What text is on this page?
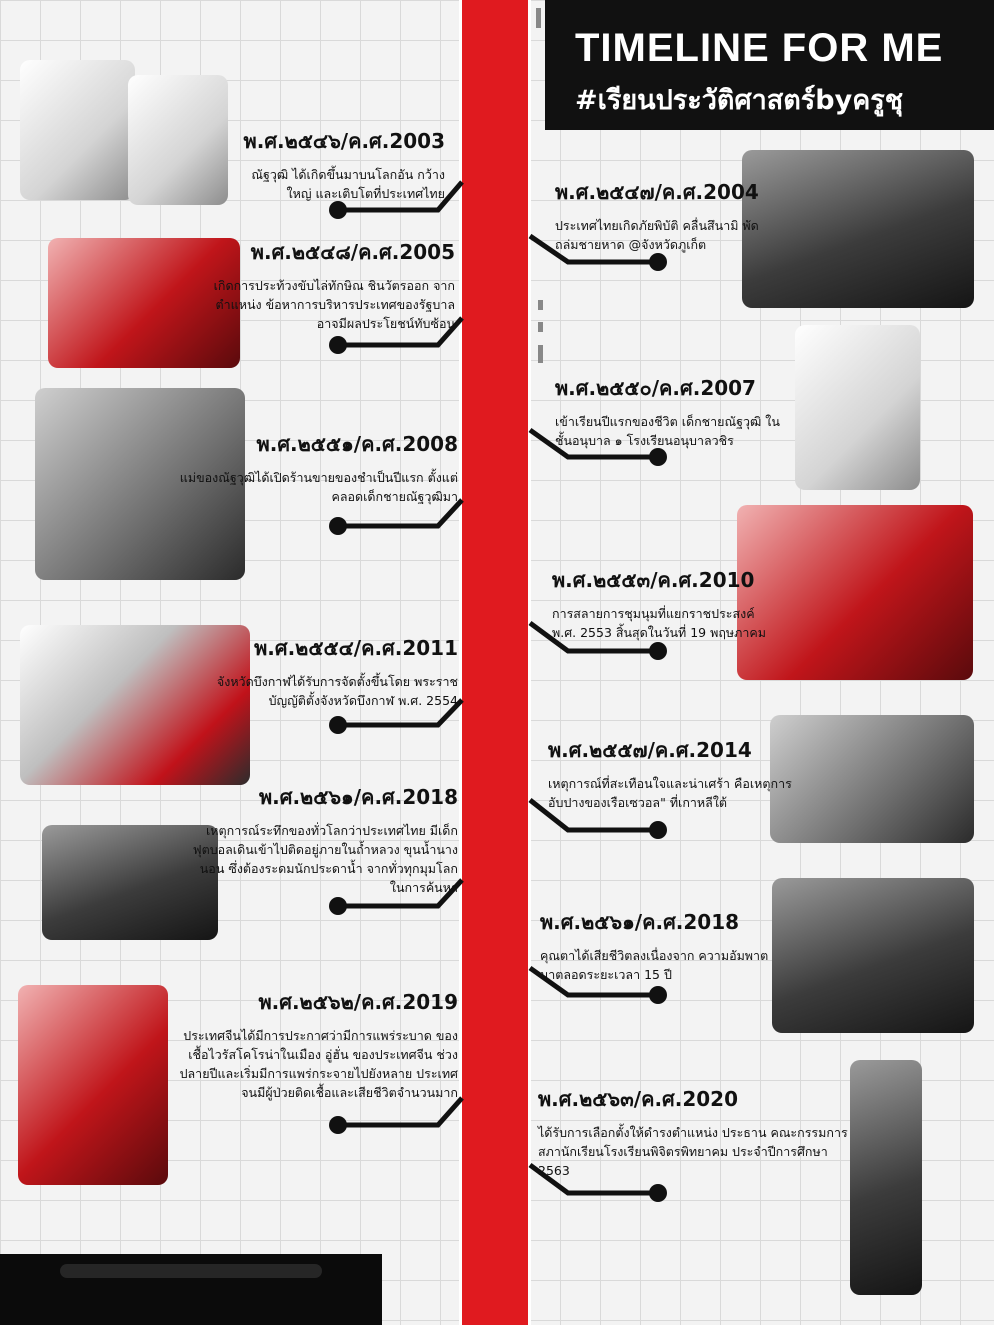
TIMELINE FOR ME
#เรียนประวัติศาสตร์byครูชุ
พ.ศ.๒๕๔๖/ค.ศ.2003
ณัฐวุฒิ ได้เกิดขึ้นมาบนโลกอัน กว้างใหญ่ และเติบโตที่ประเทศไทย	พ.ศ.๒๕๔๗/ค.ศ.2004
ประเทศไทยเกิดภัยพิบัติ คลื่นสึนามิ พัดถล่มชายหาด @จังหวัดภูเก็ต
พ.ศ.๒๕๔๘/ค.ศ.2005
เกิดการประท้วงขับไล่ทักษิณ ชินวัตรออก จากตำแหน่ง ข้อหาการบริหารประเทศของรัฐบาล อาจมีผลประโยชน์ทับซ้อน
พ.ศ.๒๕๕๐/ค.ศ.2007
เข้าเรียนปีแรกของชีวิต เด็กชายณัฐวุฒิ ในชั้นอนุบาล ๑ โรงเรียนอนุบาลวชิร
พ.ศ.๒๕๕๑/ค.ศ.2008
แม่ของณัฐวุฒิได้เปิดร้านขายของชำเป็นปีแรก ตั้งแต่คลอดเด็กชายณัฐวุฒิมา
พ.ศ.๒๕๕๓/ค.ศ.2010
การสลายการชุมนุมที่แยกราชประสงค์ พ.ศ. 2553 สิ้นสุดในวันที่ 19 พฤษภาคม
พ.ศ.๒๕๕๔/ค.ศ.2011
จังหวัดบึงกาฬได้รับการจัดตั้งขึ้นโดย พระราชบัญญัติตั้งจังหวัดบึงกาฬ พ.ศ. 2554
พ.ศ.๒๕๕๗/ค.ศ.2014
เหตุการณ์ที่สะเทือนใจและน่าเศร้า คือเหตุการอับปางของเรือเซวอล" ที่เกาหลีใต้
พ.ศ.๒๕๖๑/ค.ศ.2018
เหตุการณ์ระทึกของทั่วโลกว่าประเทศไทย มีเด็กฟุตบอลเดินเข้าไปติดอยู่ภายในถ้ำหลวง ขุนน้ำนางนอน ซึ่งต้องระดมนักประดาน้ำ จากทั่วทุกมุมโลกในการค้นหา
พ.ศ.๒๕๖๑/ค.ศ.2018
คุณตาได้เสียชีวิตลงเนื่องจาก ความอัมพาต มาตลอดระยะเวลา 15 ปี
พ.ศ.๒๕๖๒/ค.ศ.2019
ประเทศจีนได้มีการประกาศว่ามีการแพร่ระบาด ของเชื้อไวรัสโคโรน่าในเมือง อู่ฮั่น ของประเทศจีน ช่วงปลายปีและเริ่มมีการแพร่กระจายไปยังหลาย ประเทศจนมีผู้ป่วยติดเชื้อและเสียชีวิตจำนวนมาก	พ.ศ.๒๕๖๓/ค.ศ.2020
ได้รับการเลือกตั้งให้ดำรงตำแหน่ง ประธาน คณะกรรมการสภานักเรียนโรงเรียนพิจิตรพิทยาคม ประจำปีการศึกษา 2563
